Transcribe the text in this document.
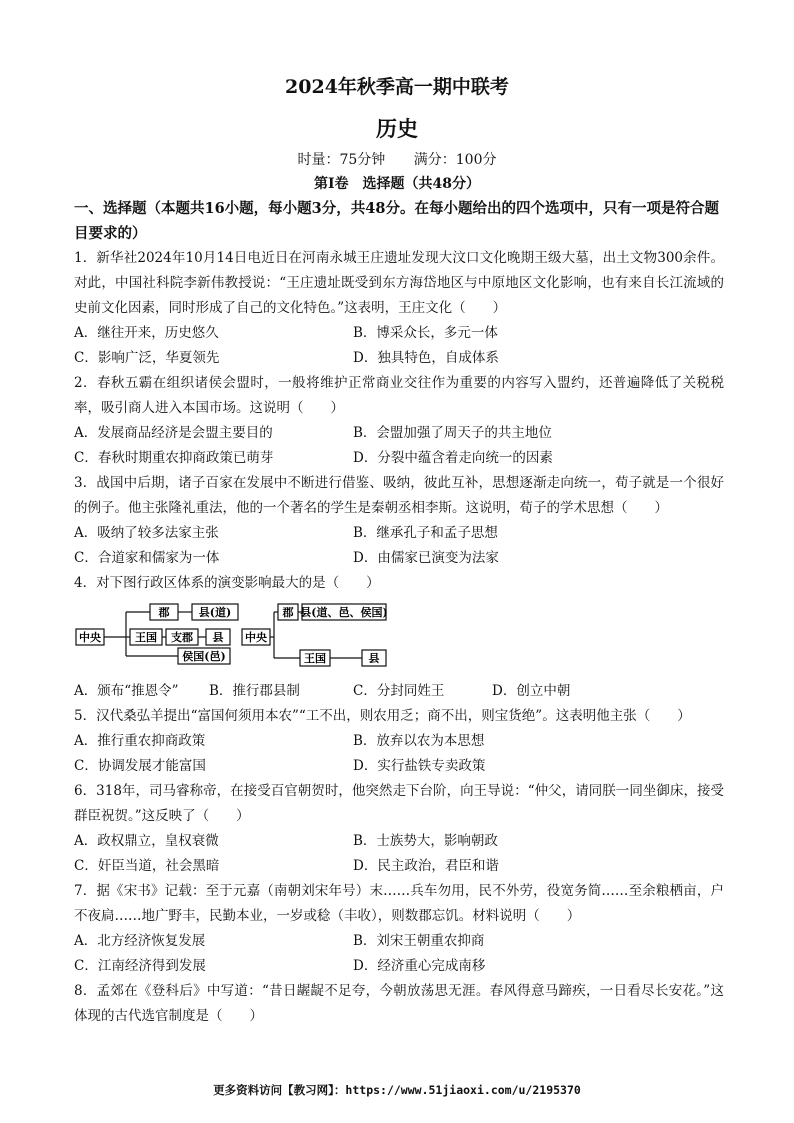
2024年秋季高一期中联考
历史
时量：75分钟 满分：100分
第Ⅰ卷　选择题（共48分）
一、选择题（本题共16小题，每小题3分，共48分。在每小题给出的四个选项中，只有一项是符合题目要求的）
1．新华社2024年10月14日电近日在河南永城王庄遗址发现大汶口文化晚期王级大墓，出土文物300余件。对此，中国社科院李新伟教授说：“王庄遗址既受到东方海岱地区与中原地区文化影响，也有来自长江流域的史前文化因素，同时形成了自己的文化特色。”这表明，王庄文化（　　）
A．继往开来，历史悠久	B．博采众长，多元一体
C．影响广泛，华夏领先	D．独具特色，自成体系
2．春秋五霸在组织诸侯会盟时，一般将维护正常商业交往作为重要的内容写入盟约，还普遍降低了关税税率，吸引商人进入本国市场。这说明（　　）
A．发展商品经济是会盟主要目的	B．会盟加强了周天子的共主地位
C．春秋时期重农抑商政策已萌芽	D．分裂中蕴含着走向统一的因素
3．战国中后期，诸子百家在发展中不断进行借鉴、吸纳，彼此互补，思想逐渐走向统一，荀子就是一个很好的例子。他主张隆礼重法，他的一个著名的学生是秦朝丞相李斯。这说明，荀子的学术思想（　　）
A．吸纳了较多法家主张	B．继承孔子和孟子思想
C．合道家和儒家为一体	D．由儒家已演变为法家
4．对下图行政区体系的演变影响最大的是（　　）
中央
郡	县(道)
王国 支郡 县
侯国(邑)
中央
郡 县(道、邑、侯国)
王国	县
A．颁布“推恩令” B．推行郡县制	C．分封同姓王	D．创立中朝
5．汉代桑弘羊提出“富国何须用本农”“工不出，则农用乏；商不出，则宝货绝”。这表明他主张（　　）
A．推行重农抑商政策	B．放弃以农为本思想
C．协调发展才能富国	D．实行盐铁专卖政策
6．318年，司马睿称帝，在接受百官朝贺时，他突然走下台阶，向王导说：“仲父，请同朕一同坐御床，接受群臣祝贺。”这反映了（　　）
A．政权鼎立，皇权衰微	B．士族势大，影响朝政
C．奸臣当道，社会黑暗	D．民主政治，君臣和谐
7．据《宋书》记载：至于元嘉（南朝刘宋年号）末……兵车勿用，民不外劳，役宽务简……至余粮栖亩，户不夜扃……地广野丰，民勤本业，一岁或稔（丰收），则数郡忘饥。材料说明（　　）
A．北方经济恢复发展	B．刘宋王朝重农抑商
C．江南经济得到发展	D．经济重心完成南移
8．孟郊在《登科后》中写道：“昔日龌龊不足夸，今朝放荡思无涯。春风得意马蹄疾，一日看尽长安花。”这体现的古代选官制度是（　　）
更多资料访问【教习网】：https://www.51jiaoxi.com/u/2195370
